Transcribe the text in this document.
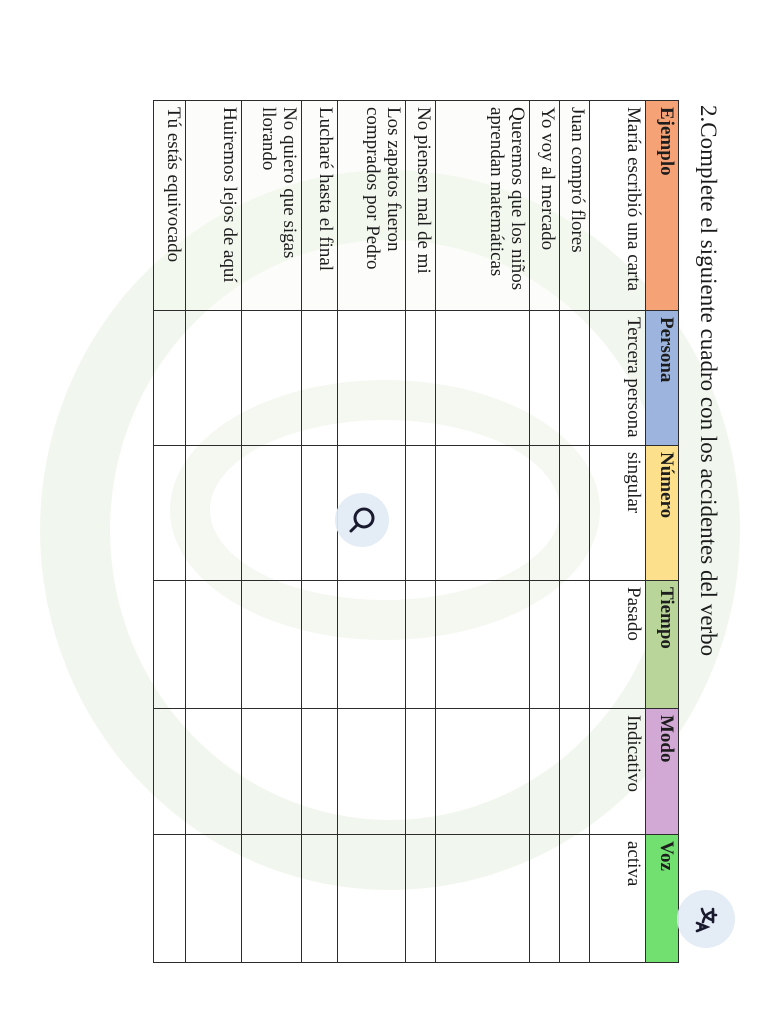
2.Complete el siguiente cuadro con los accidentes del verbo
Ejemplo	Persona	Número	Tiempo	Modo	Voz
María escribió una carta	Tercera persona	singular	Pasado	Indicativo	activa
Juan compró flores					
Yo voy al mercado					
Queremos que los niños aprendan matemáticas					
No piensen mal de mi					
Los zapatos fueron comprados por Pedro					
Lucharé hasta el final					
No quiero que sigas llorando					
Huiremos lejos de aquí					
Tú estás equivocado					
